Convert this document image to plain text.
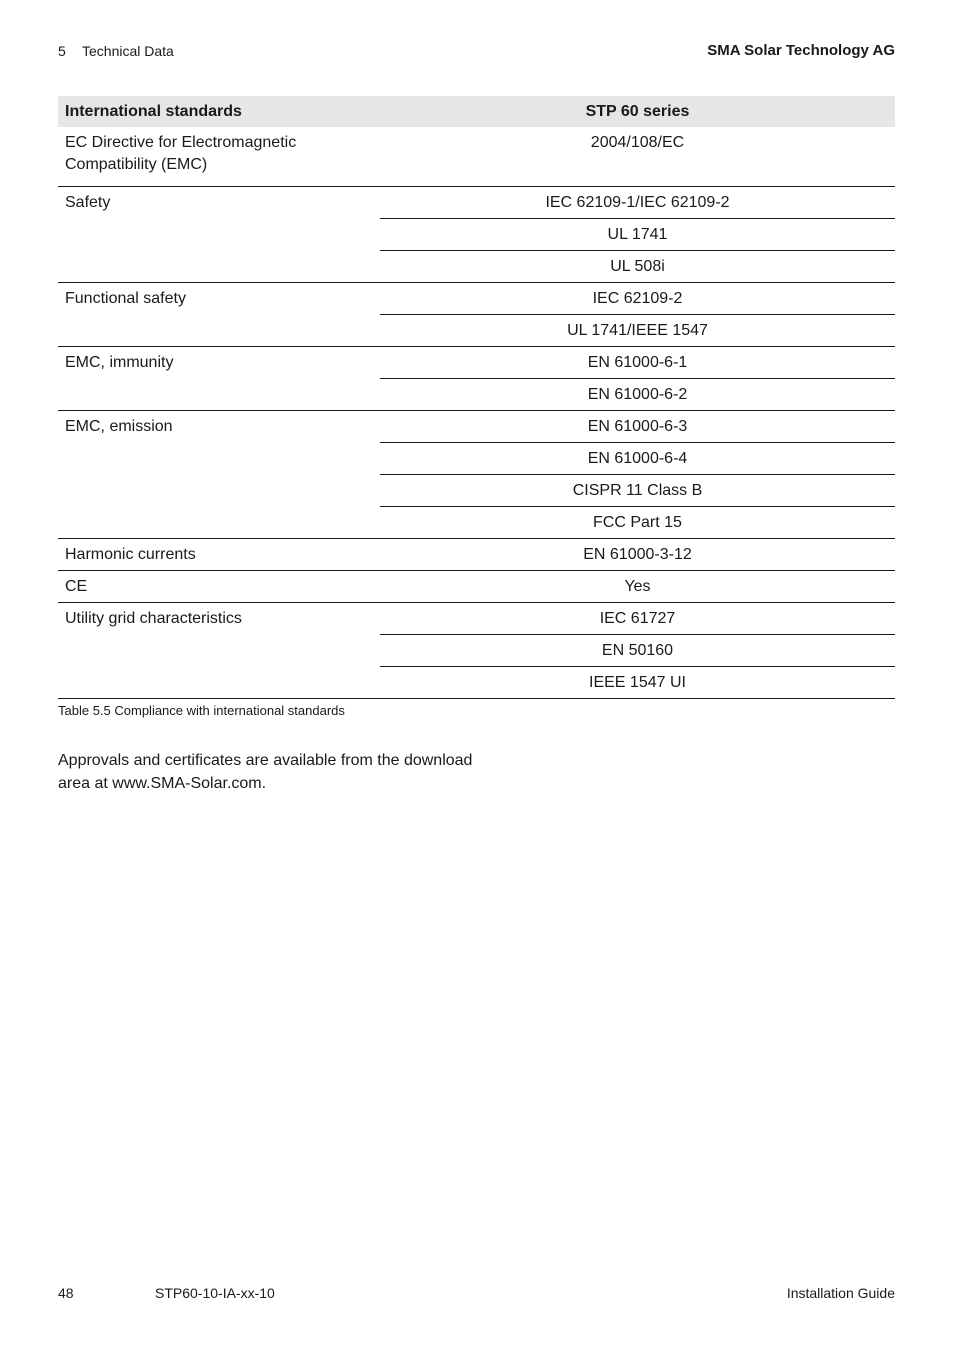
5 Technical Data	SMA Solar Technology AG
International standards	STP 60 series
EC Directive for Electromagnetic Compatibility (EMC)	2004/108/EC
Safety	IEC 62109-1/IEC 62109-2
	UL 1741
	UL 508i
Functional safety	IEC 62109-2
	UL 1741/IEEE 1547
EMC, immunity	EN 61000-6-1
	EN 61000-6-2
EMC, emission	EN 61000-6-3
	EN 61000-6-4
	CISPR 11 Class B
	FCC Part 15
Harmonic currents	EN 61000-3-12
CE	Yes
Utility grid characteristics	IEC 61727
	EN 50160
	IEEE 1547 UI
Table 5.5 Compliance with international standards
Approvals and certificates are available from the download area at www.SMA-Solar.com.
48	STP60-10-IA-xx-10	Installation Guide
